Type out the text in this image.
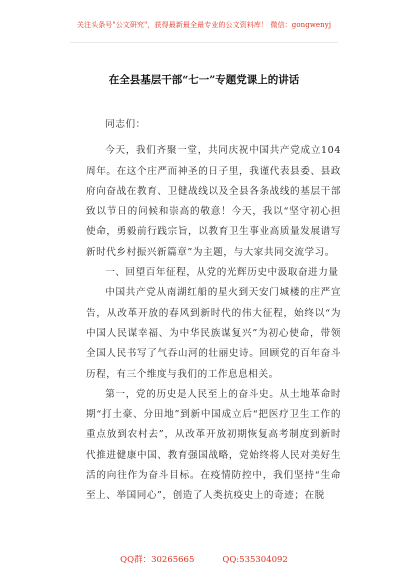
关注头条号"公文研究"，获得最新最全最专业的公文资料库！ 微信：gongwenyj
在全县基层干部“七一”专题党课上的讲话

同志们：

今天，我们齐聚一堂，共同庆祝中国共产党成立104周年。在这个庄严而神圣的日子里，我谨代表县委、县政府向奋战在教育、卫健战线以及全县各条战线的基层干部致以节日的问候和崇高的敬意！今天，我以“坚守初心担使命，勇毅前行践宗旨，以教育卫生事业高质量发展谱写新时代乡村振兴新篇章”为主题，与大家共同交流学习。

一、回望百年征程，从党的光辉历史中汲取奋进力量

中国共产党从南湖红船的星火到天安门城楼的庄严宣告，从改革开放的春风到新时代的伟大征程，始终以“为中国人民谋幸福、为中华民族谋复兴”为初心使命，带领全国人民书写了气吞山河的壮丽史诗。回顾党的百年奋斗历程，有三个维度与我们的工作息息相关。

第一，党的历史是人民至上的奋斗史。从土地革命时期“打土豪、分田地”到新中国成立后“把医疗卫生工作的重点放到农村去”，从改革开放初期恢复高考制度到新时代推进健康中国、教育强国战略，党始终将人民对美好生活的向往作为奋斗目标。在疫情防控中，我们坚持“生命至上、举国同心”，创造了人类抗疫史上的奇迹；在脱

QQ群：30265665	QQ:535304092
